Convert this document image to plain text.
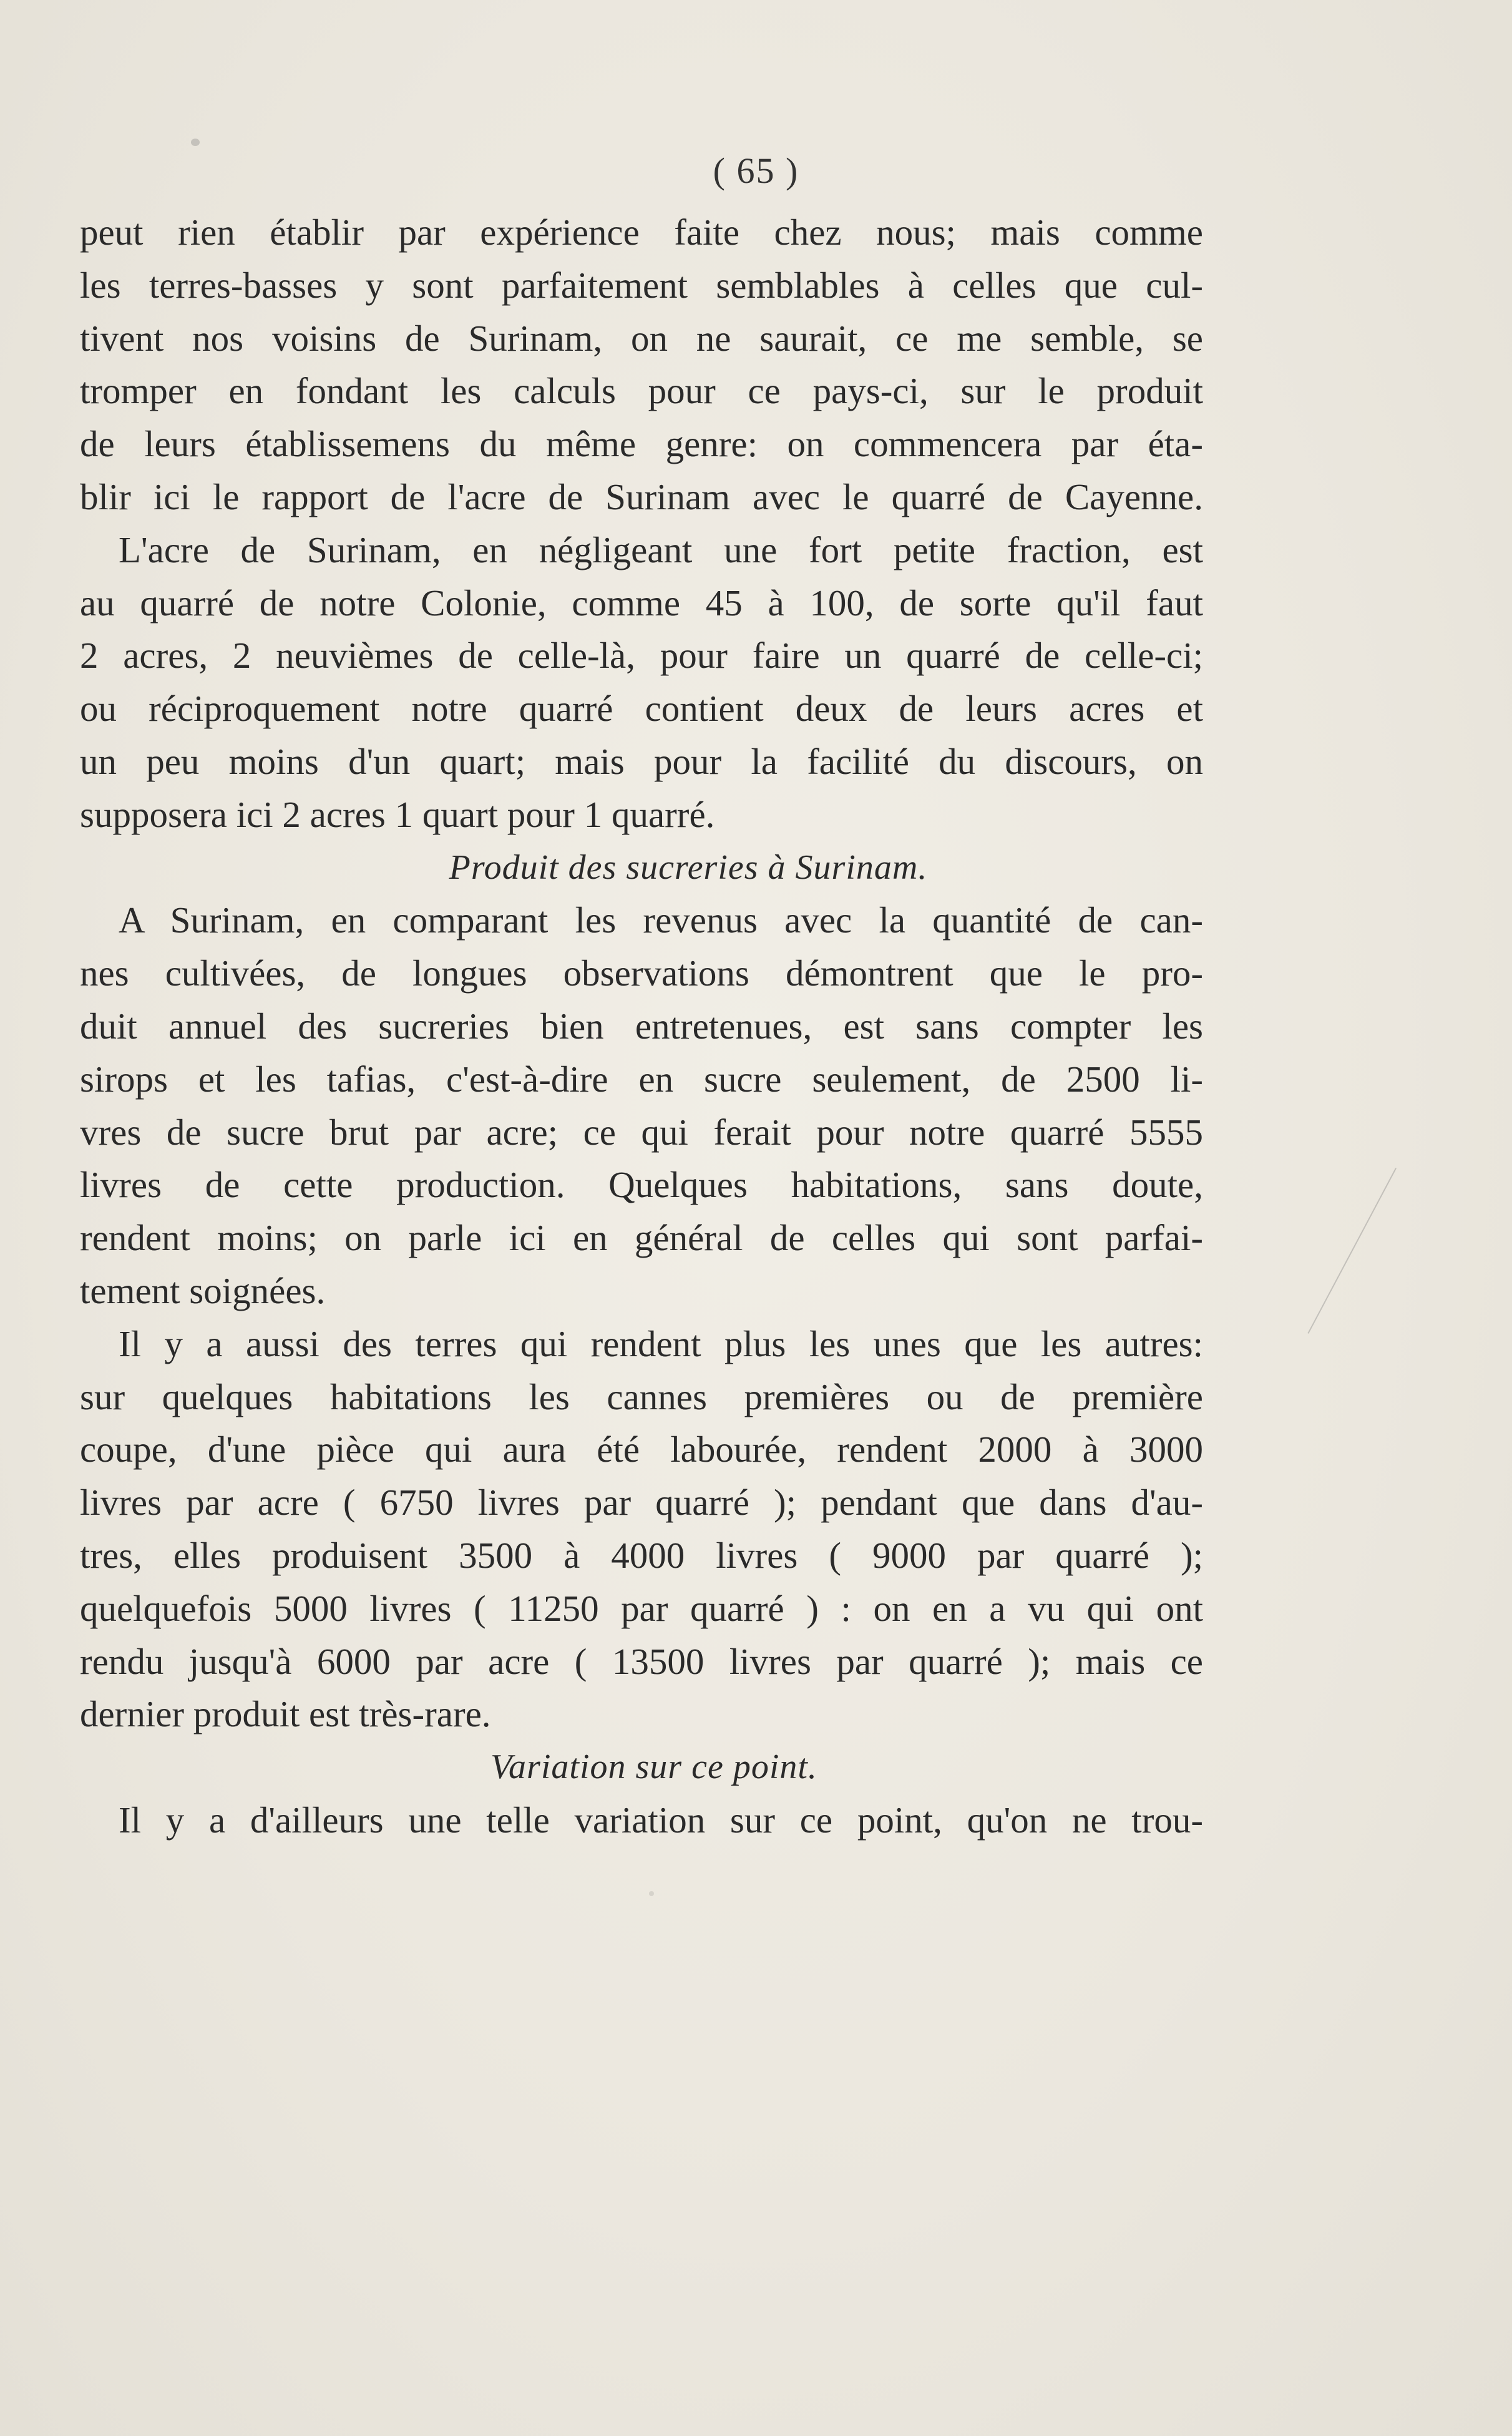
( 65 )
peut rien établir par expérience faite chez nous; mais comme
les terres-basses y sont parfaitement semblables à celles que cul-
tivent nos voisins de Surinam, on ne saurait, ce me semble, se
tromper en fondant les calculs pour ce pays-ci, sur le produit
de leurs établissemens du même genre: on commencera par éta-
blir ici le rapport de l'acre de Surinam avec le quarré de Cayenne.
L'acre de Surinam, en négligeant une fort petite fraction, est
au quarré de notre Colonie, comme 45 à 100, de sorte qu'il faut
2 acres, 2 neuvièmes de celle-là, pour faire un quarré de celle-ci;
ou réciproquement notre quarré contient deux de leurs acres et
un peu moins d'un quart; mais pour la facilité du discours, on
supposera ici 2 acres 1 quart pour 1 quarré.
Produit des sucreries à Surinam.
A Surinam, en comparant les revenus avec la quantité de can-
nes cultivées, de longues observations démontrent que le pro-
duit annuel des sucreries bien entretenues, est sans compter les
sirops et les tafias, c'est-à-dire en sucre seulement, de 2500 li-
vres de sucre brut par acre; ce qui ferait pour notre quarré 5555
livres de cette production. Quelques habitations, sans doute,
rendent moins; on parle ici en général de celles qui sont parfai-
tement soignées.
Il y a aussi des terres qui rendent plus les unes que les autres:
sur quelques habitations les cannes premières ou de première
coupe, d'une pièce qui aura été labourée, rendent 2000 à 3000
livres par acre ( 6750 livres par quarré ); pendant que dans d'au-
tres, elles produisent 3500 à 4000 livres ( 9000 par quarré );
quelquefois 5000 livres ( 11250 par quarré ) : on en a vu qui ont
rendu jusqu'à 6000 par acre ( 13500 livres par quarré ); mais ce
dernier produit est très-rare.
Variation sur ce point.
Il y a d'ailleurs une telle variation sur ce point, qu'on ne trou-
